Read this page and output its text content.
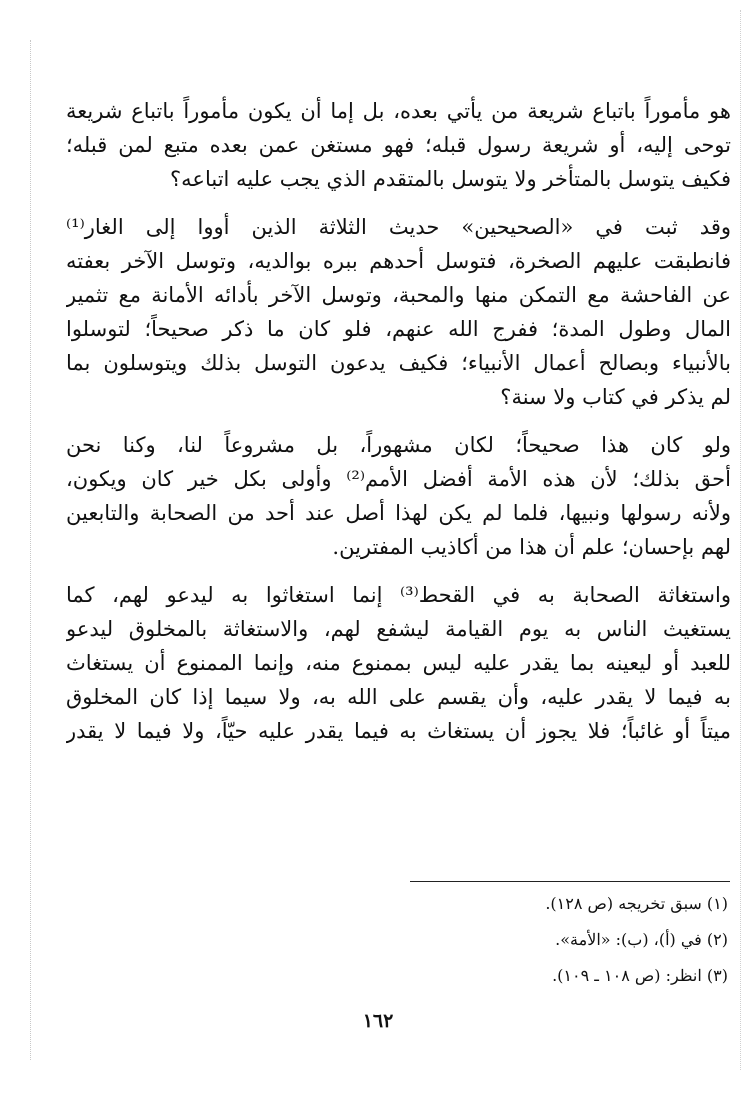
هو مأموراً باتباع شريعة من يأتي بعده، بل إما أن يكون مأموراً باتباع شريعة

توحى إليه، أو شريعة رسول قبله؛ فهو مستغن عمن بعده متبع لمن قبله؛

فكيف يتوسل بالمتأخر ولا يتوسل بالمتقدم الذي يجب عليه اتباعه؟

وقد ثبت في «الصحيحين» حديث الثلاثة الذين أووا إلى الغار⁽¹⁾

فانطبقت عليهم الصخرة، فتوسل أحدهم ببره بوالديه، وتوسل الآخر بعفته

عن الفاحشة مع التمكن منها والمحبة، وتوسل الآخر بأدائه الأمانة مع تثمير

المال وطول المدة؛ ففرج الله عنهم، فلو كان ما ذكر صحيحاً؛ لتوسلوا

بالأنبياء وبصالح أعمال الأنبياء؛ فكيف يدعون التوسل بذلك ويتوسلون بما

لم يذكر في كتاب ولا سنة؟

ولو كان هذا صحيحاً؛ لكان مشهوراً، بل مشروعاً لنا، وكنا نحن

أحق بذلك؛ لأن هذه الأمة أفضل الأمم⁽²⁾ وأولى بكل خير كان ويكون،

ولأنه رسولها ونبيها، فلما لم يكن لهذا أصل عند أحد من الصحابة والتابعين

لهم بإحسان؛ علم أن هذا من أكاذيب المفترين.

واستغاثة الصحابة به في القحط⁽³⁾ إنما استغاثوا به ليدعو لهم، كما

يستغيث الناس به يوم القيامة ليشفع لهم، والاستغاثة بالمخلوق ليدعو

للعبد أو ليعينه بما يقدر عليه ليس بممنوع منه، وإنما الممنوع أن يستغاث

به فيما لا يقدر عليه، وأن يقسم على الله به، ولا سيما إذا كان المخلوق

ميتاً أو غائباً؛ فلا يجوز أن يستغاث به فيما يقدر عليه حيّاً، ولا فيما لا يقدر

(١) سبق تخريجه (ص ١٢٨).

(٢) في (أ)، (ب): «الأمة».

(٣) انظر: (ص ١٠٨ ـ ١٠٩).

١٦٢
